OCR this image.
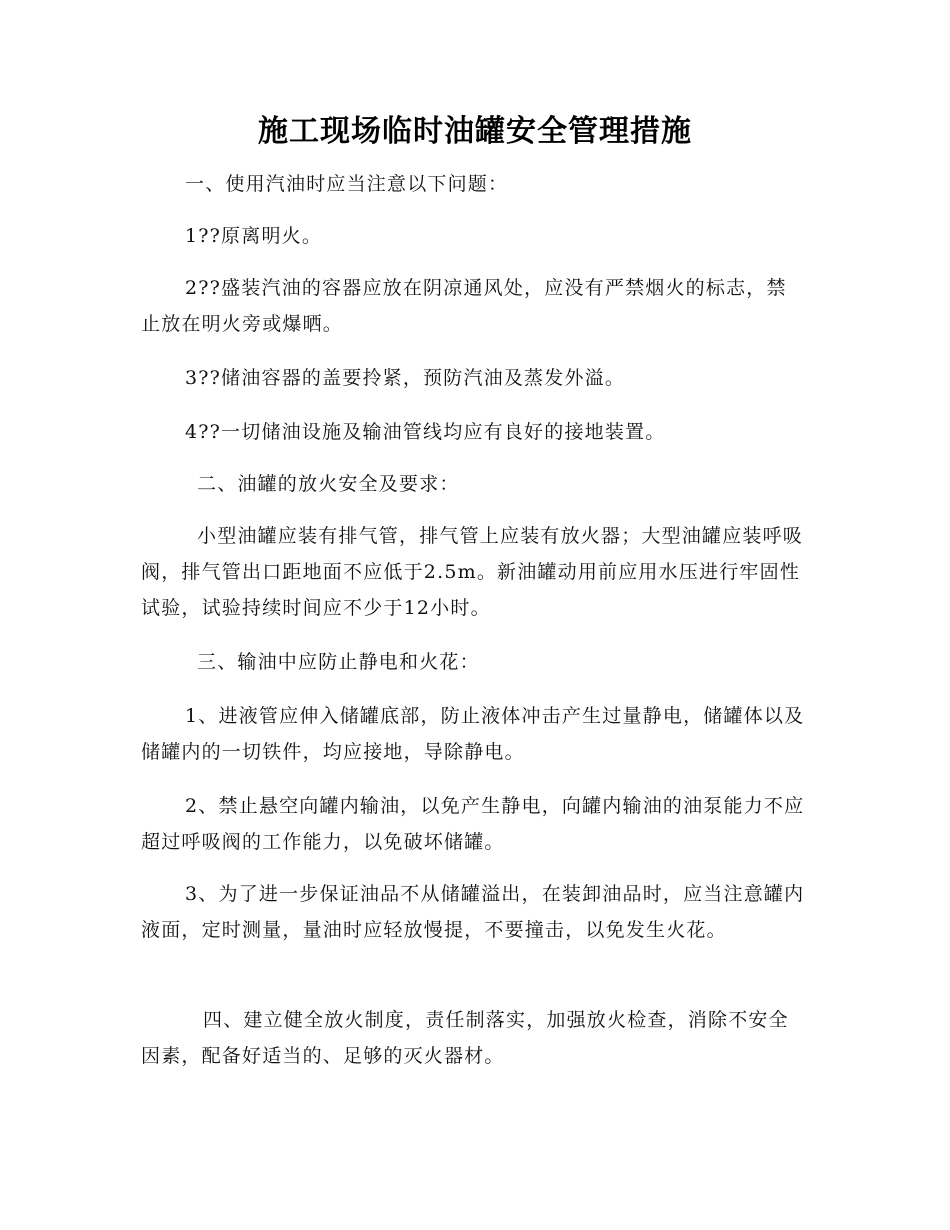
施工现场临时油罐安全管理措施
一、使用汽油时应当注意以下问题：
1??原离明火。
2??盛装汽油的容器应放在阴凉通风处，应没有严禁烟火的标志，禁止放在明火旁或爆晒。
3??储油容器的盖要拎紧，预防汽油及蒸发外溢。
4??一切储油设施及输油管线均应有良好的接地装置。
二、油罐的放火安全及要求：
小型油罐应装有排气管，排气管上应装有放火器；大型油罐应装呼吸阀，排气管出口距地面不应低于2.5m。新油罐动用前应用水压进行牢固性试验，试验持续时间应不少于12小时。
三、输油中应防止静电和火花：
1、进液管应伸入储罐底部，防止液体冲击产生过量静电，储罐体以及储罐内的一切铁件，均应接地，导除静电。
2、禁止悬空向罐内输油，以免产生静电，向罐内输油的油泵能力不应超过呼吸阀的工作能力，以免破坏储罐。
3、为了进一步保证油品不从储罐溢出，在装卸油品时，应当注意罐内液面，定时测量，量油时应轻放慢提，不要撞击，以免发生火花。
四、建立健全放火制度，责任制落实，加强放火检查，消除不安全因素，配备好适当的、足够的灭火器材。
